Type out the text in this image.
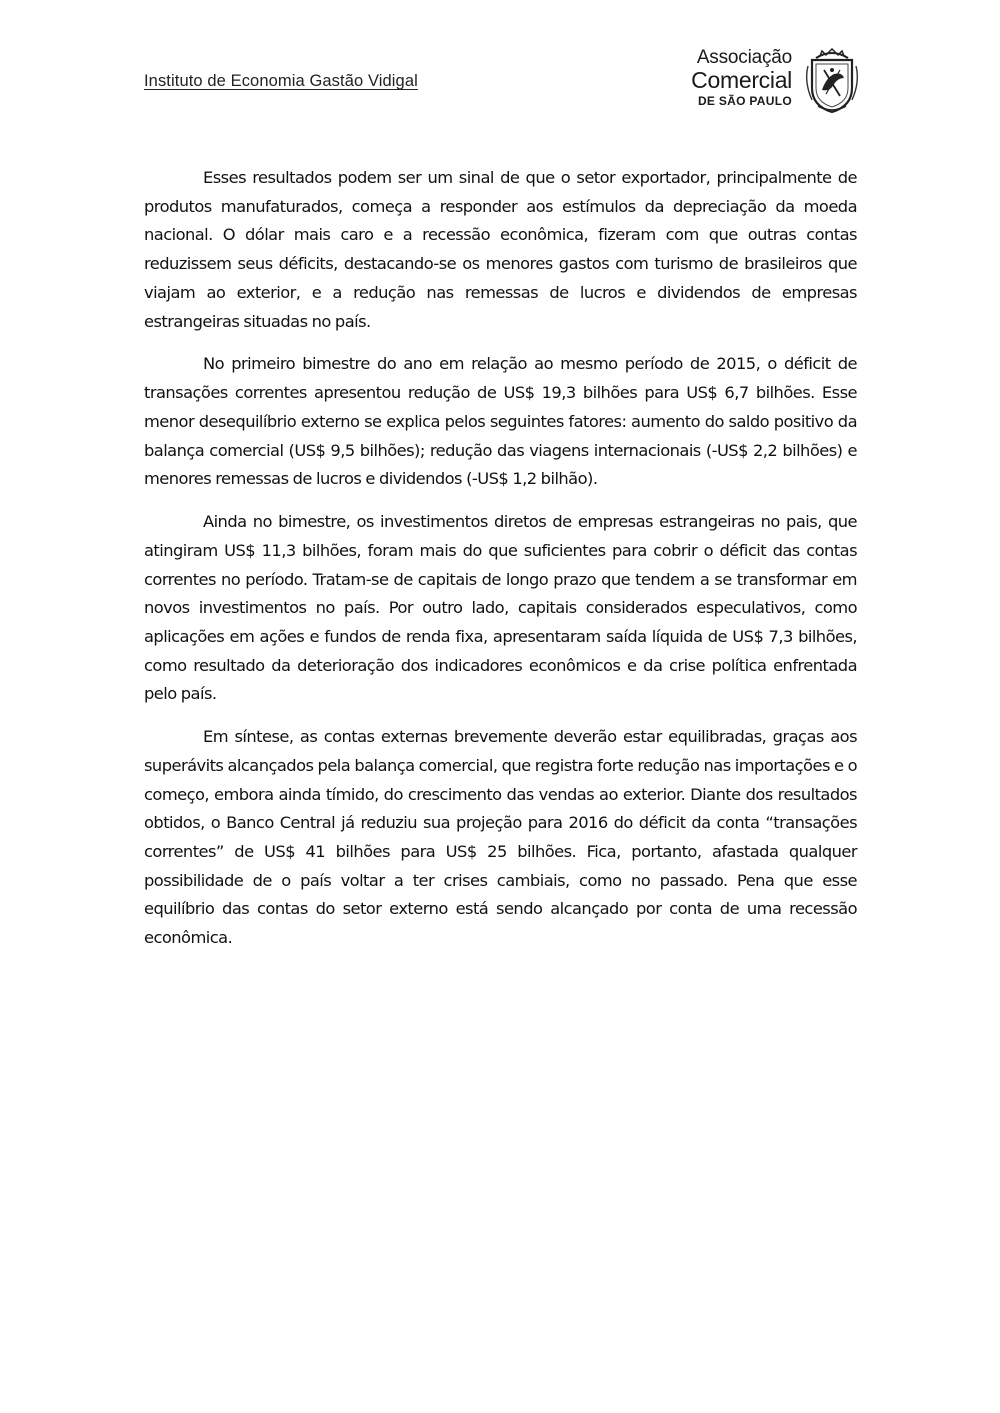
Instituto de Economia Gastão Vidigal
Associação
Comercial
DE SÃO PAULO

Esses resultados podem ser um sinal de que o setor exportador, principalmente de produtos manufaturados, começa a responder aos estímulos da depreciação da moeda nacional. O dólar mais caro e a recessão econômica, fizeram com que outras contas reduzissem seus déficits, destacando-se os menores gastos com turismo de brasileiros que viajam ao exterior, e a redução nas remessas de lucros e dividendos de empresas estrangeiras situadas no país.

No primeiro bimestre do ano em relação ao mesmo período de 2015, o déficit de transações correntes apresentou redução de US$ 19,3 bilhões para US$ 6,7 bilhões. Esse menor desequilíbrio externo se explica pelos seguintes fatores: aumento do saldo positivo da balança comercial (US$ 9,5 bilhões); redução das viagens internacionais (-US$ 2,2 bilhões) e menores remessas de lucros e dividendos (-US$ 1,2 bilhão).

Ainda no bimestre, os investimentos diretos de empresas estrangeiras no pais, que atingiram US$ 11,3 bilhões, foram mais do que suficientes para cobrir o déficit das contas correntes no período. Tratam-se de capitais de longo prazo que tendem a se transformar em novos investimentos no país. Por outro lado, capitais considerados especulativos, como aplicações em ações e fundos de renda fixa, apresentaram saída líquida de US$ 7,3 bilhões, como resultado da deterioração dos indicadores econômicos e da crise política enfrentada pelo país.

Em síntese, as contas externas brevemente deverão estar equilibradas, graças aos superávits alcançados pela balança comercial, que registra forte redução nas importações e o começo, embora ainda tímido, do crescimento das vendas ao exterior. Diante dos resultados obtidos, o Banco Central já reduziu sua projeção para 2016 do déficit da conta “transações correntes” de US$ 41 bilhões para US$ 25 bilhões. Fica, portanto, afastada qualquer possibilidade de o país voltar a ter crises cambiais, como no passado. Pena que esse equilíbrio das contas do setor externo está sendo alcançado por conta de uma recessão econômica.
